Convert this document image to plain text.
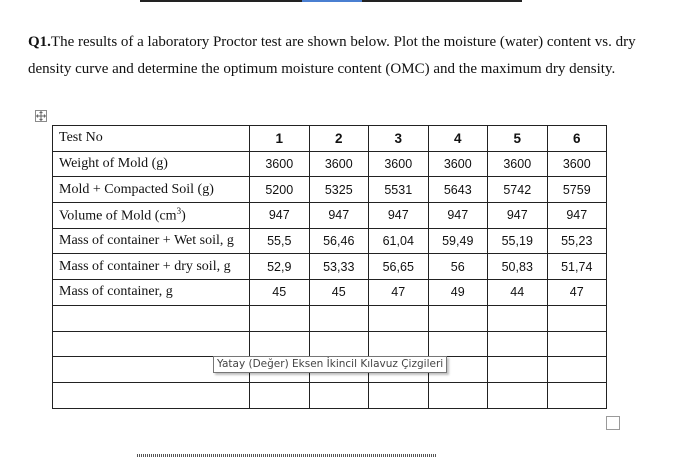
Q1.The results of a laboratory Proctor test are shown below. Plot the moisture (water) content vs. dry density curve and determine the optimum moisture content (OMC) and the maximum dry density.

Test No	1	2	3	4	5	6
Weight of Mold (g)	3600	3600	3600	3600	3600	3600
Mold + Compacted Soil (g)	5200	5325	5531	5643	5742	5759
Volume of Mold $(cm^3)$	947	947	947	947	947	947
Mass of container + Wet soil, g	55,5	56,46	61,04	59,49	55,19	55,23
Mass of container + dry soil, g	52,9	53,33	56,65	56	50,83	51,74
Mass of container, g	45	45	47	49	44	47

Yatay (Değer) Eksen İkincil Kılavuz Çizgileri
